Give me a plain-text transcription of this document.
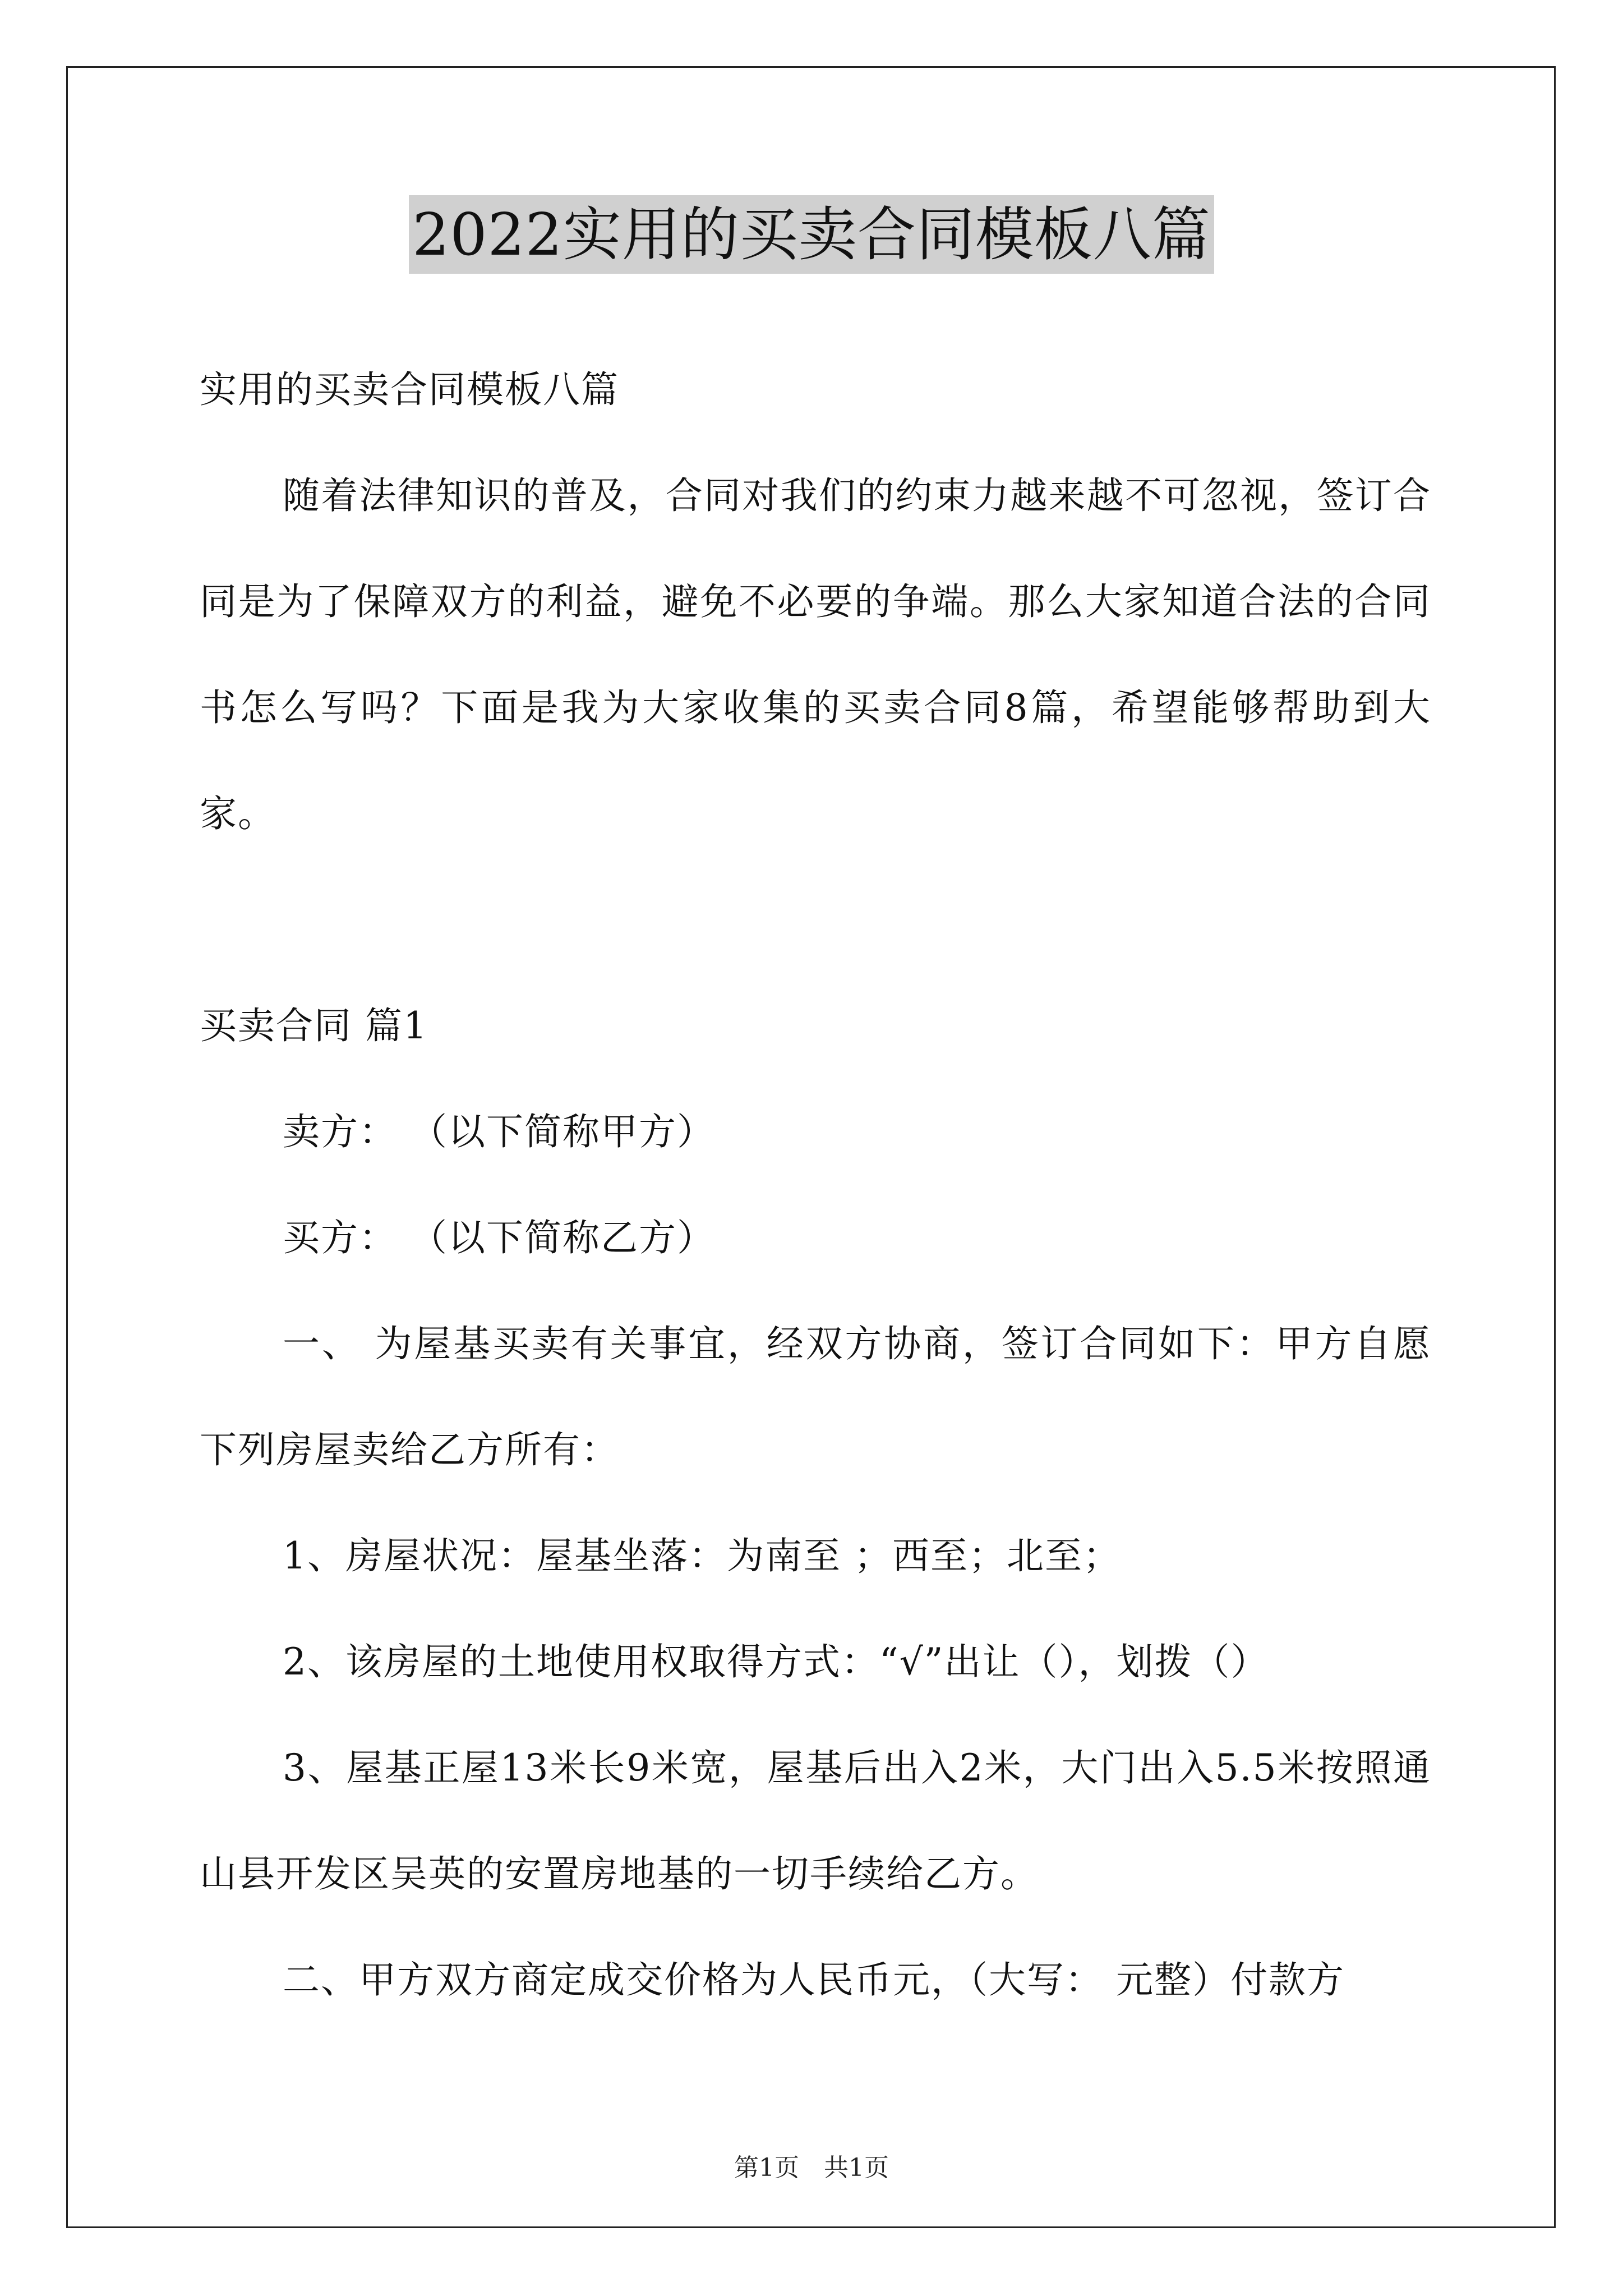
2022实用的买卖合同模板八篇

实用的买卖合同模板八篇

随着法律知识的普及，合同对我们的约束力越来越不可忽视，签订合同是为了保障双方的利益，避免不必要的争端。那么大家知道合法的合同书怎么写吗？下面是我为大家收集的买卖合同8篇，希望能够帮助到大家。

买卖合同 篇1

卖方： （以下简称甲方）

买方： （以下简称乙方）

一、 为屋基买卖有关事宜，经双方协商，签订合同如下：甲方自愿下列房屋卖给乙方所有：

1、房屋状况：屋基坐落：为南至 ；西至；北至；

2、该房屋的土地使用权取得方式：“√”出让（），划拨（）

3、屋基正屋13米长9米宽，屋基后出入2米，大门出入5.5米按照通山县开发区吴英的安置房地基的一切手续给乙方。

二、甲方双方商定成交价格为人民币元，（大写： 元整）付款方

第1页　共1页
